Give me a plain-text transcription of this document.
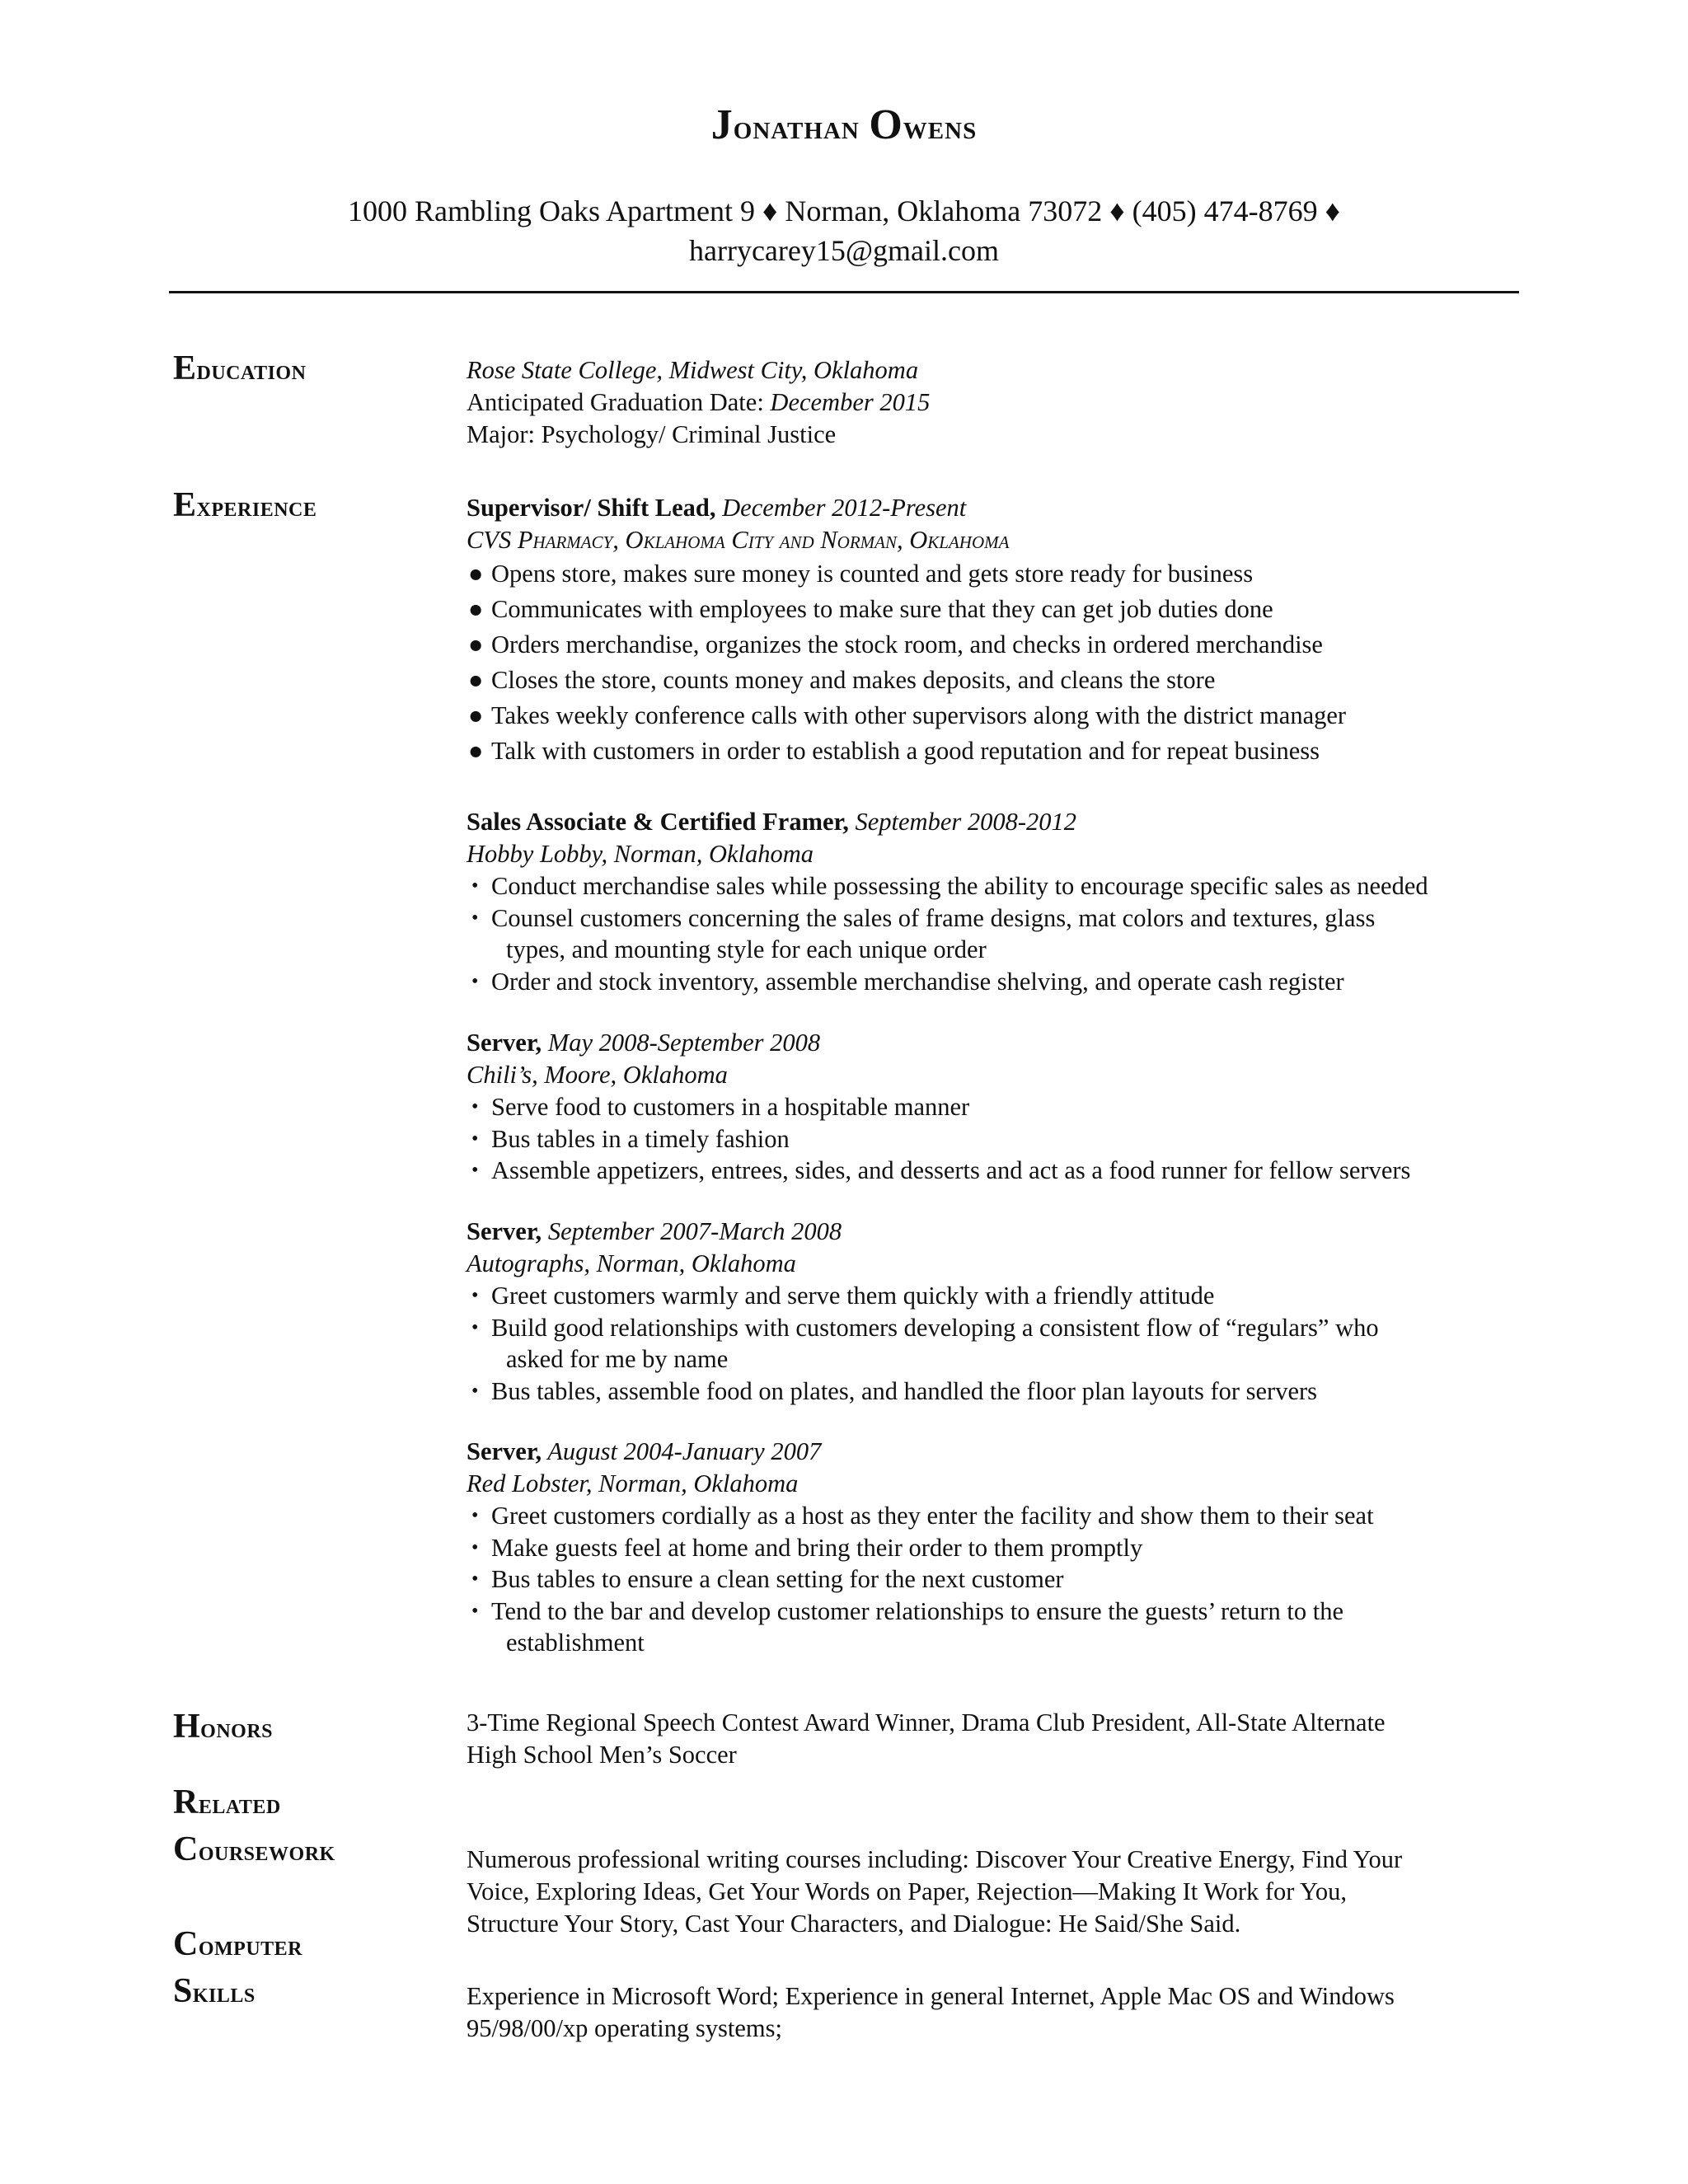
Jonathan Owens
1000 Rambling Oaks Apartment 9 ♦ Norman, Oklahoma 73072 ♦ (405) 474-8769 ♦
harrycarey15@gmail.com
Education	Rose State College, Midwest City, Oklahoma
Anticipated Graduation Date: December 2015
Major: Psychology/ Criminal Justice
Experience	Supervisor/ Shift Lead, December 2012-Present
CVS Pharmacy, Oklahoma City and Norman, Oklahoma
● Opens store, makes sure money is counted and gets store ready for business
● Communicates with employees to make sure that they can get job duties done
● Orders merchandise, organizes the stock room, and checks in ordered merchandise
● Closes the store, counts money and makes deposits, and cleans the store
● Takes weekly conference calls with other supervisors along with the district manager
● Talk with customers in order to establish a good reputation and for repeat business
Sales Associate & Certified Framer, September 2008-2012
Hobby Lobby, Norman, Oklahoma
• Conduct merchandise sales while possessing the ability to encourage specific sales as needed
• Counsel customers concerning the sales of frame designs, mat colors and textures, glass
types, and mounting style for each unique order
• Order and stock inventory, assemble merchandise shelving, and operate cash register
Server, May 2008-September 2008
Chili’s, Moore, Oklahoma
• Serve food to customers in a hospitable manner
• Bus tables in a timely fashion
• Assemble appetizers, entrees, sides, and desserts and act as a food runner for fellow servers
Server, September 2007-March 2008
Autographs, Norman, Oklahoma
• Greet customers warmly and serve them quickly with a friendly attitude
• Build good relationships with customers developing a consistent flow of “regulars” who
asked for me by name
• Bus tables, assemble food on plates, and handled the floor plan layouts for servers
Server, August 2004-January 2007
Red Lobster, Norman, Oklahoma
• Greet customers cordially as a host as they enter the facility and show them to their seat
• Make guests feel at home and bring their order to them promptly
• Bus tables to ensure a clean setting for the next customer
• Tend to the bar and develop customer relationships to ensure the guests’ return to the
establishment
Honors	3-Time Regional Speech Contest Award Winner, Drama Club President, All-State Alternate
High School Men’s Soccer
Related
Coursework	Numerous professional writing courses including: Discover Your Creative Energy, Find Your
Voice, Exploring Ideas, Get Your Words on Paper, Rejection—Making It Work for You,
Structure Your Story, Cast Your Characters, and Dialogue: He Said/She Said.
Computer
Skills	Experience in Microsoft Word; Experience in general Internet, Apple Mac OS and Windows
95/98/00/xp operating systems;
